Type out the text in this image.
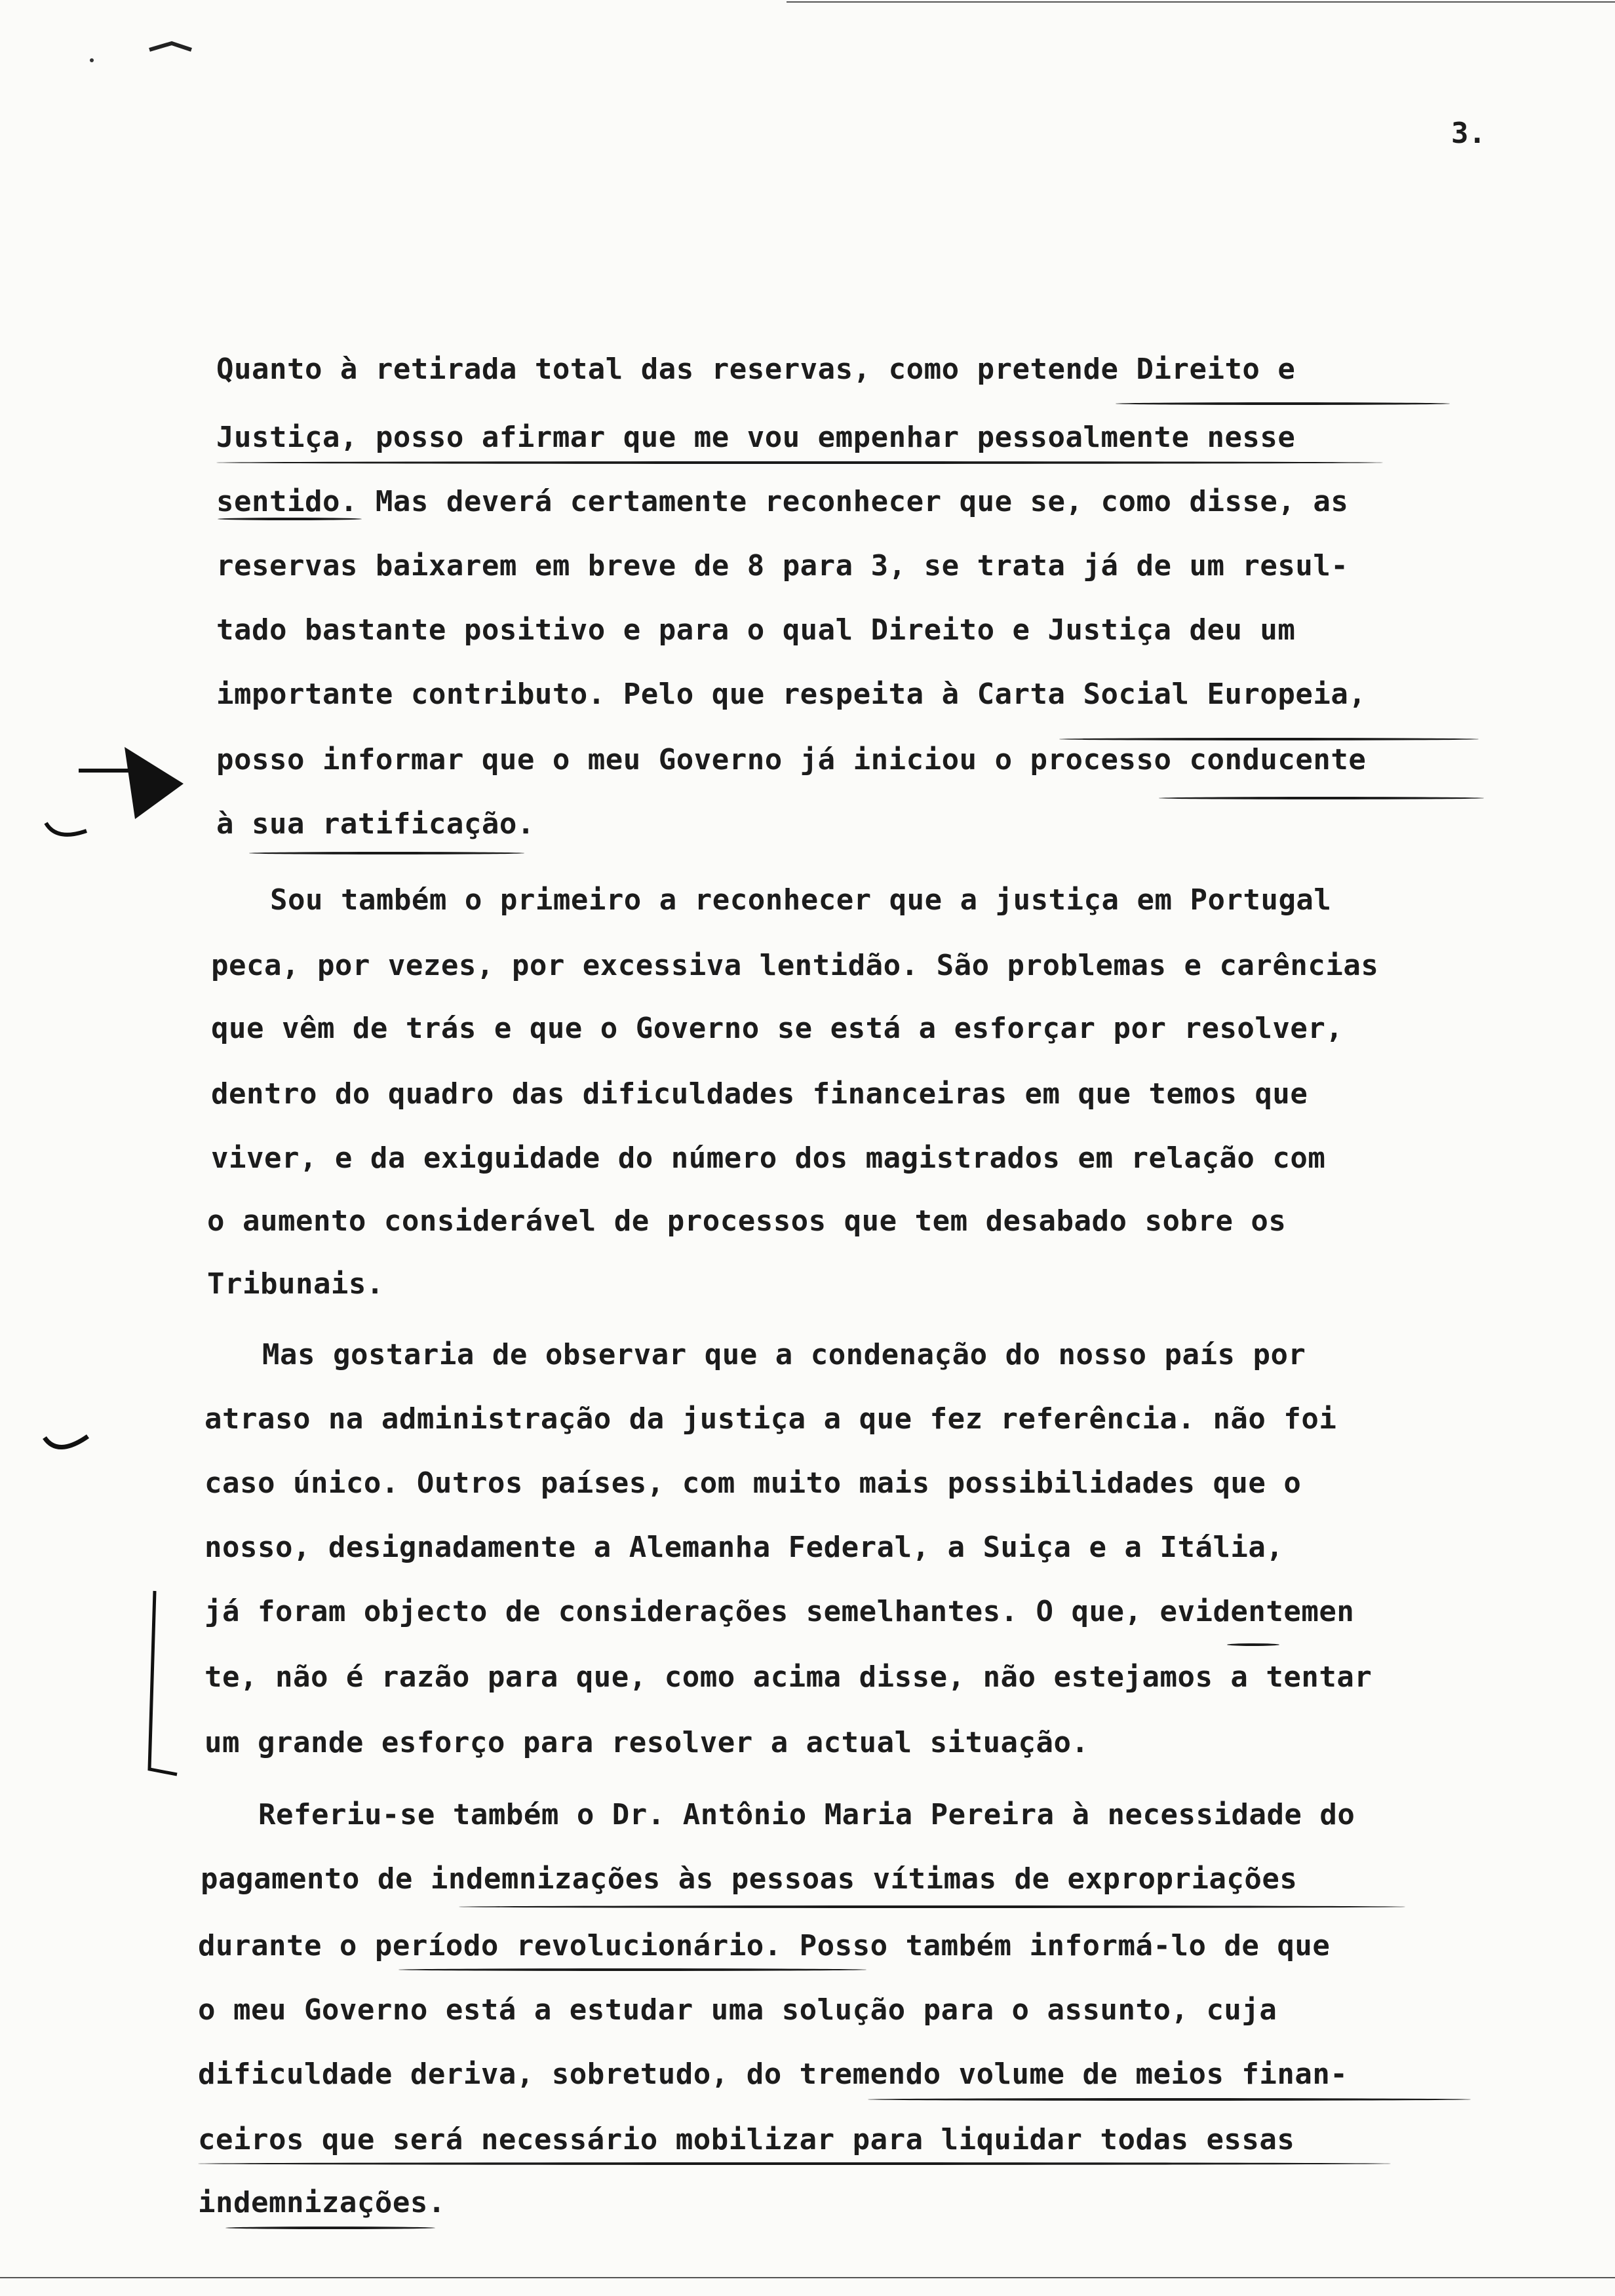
3.
Quanto à retirada total das reservas, como pretende Direito e
Justiça, posso afirmar que me vou empenhar pessoalmente nesse
sentido. Mas deverá certamente reconhecer que se, como disse, as
reservas baixarem em breve de 8 para 3, se trata já de um resul-
tado bastante positivo e para o qual Direito e Justiça deu um
importante contributo. Pelo que respeita à Carta Social Europeia,
posso informar que o meu Governo já iniciou o processo conducente
à sua ratificação.
Sou também o primeiro a reconhecer que a justiça em Portugal
peca, por vezes, por excessiva lentidão. São problemas e carências
que vêm de trás e que o Governo se está a esforçar por resolver,
dentro do quadro das dificuldades financeiras em que temos que
viver, e da exiguidade do número dos magistrados em relação com
o aumento considerável de processos que tem desabado sobre os
Tribunais.
Mas gostaria de observar que a condenação do nosso país por
atraso na administração da justiça a que fez referência. não foi
caso único. Outros países, com muito mais possibilidades que o
nosso, designadamente a Alemanha Federal, a Suiça e a Itália,
já foram objecto de considerações semelhantes. O que, evidentemen
te, não é razão para que, como acima disse, não estejamos a tentar
um grande esforço para resolver a actual situação.
Referiu-se também o Dr. Antônio Maria Pereira à necessidade do
pagamento de indemnizações às pessoas vítimas de expropriações
durante o período revolucionário. Posso também informá-lo de que
o meu Governo está a estudar uma solução para o assunto, cuja
dificuldade deriva, sobretudo, do tremendo volume de meios finan-
ceiros que será necessário mobilizar para liquidar todas essas
indemnizações.
